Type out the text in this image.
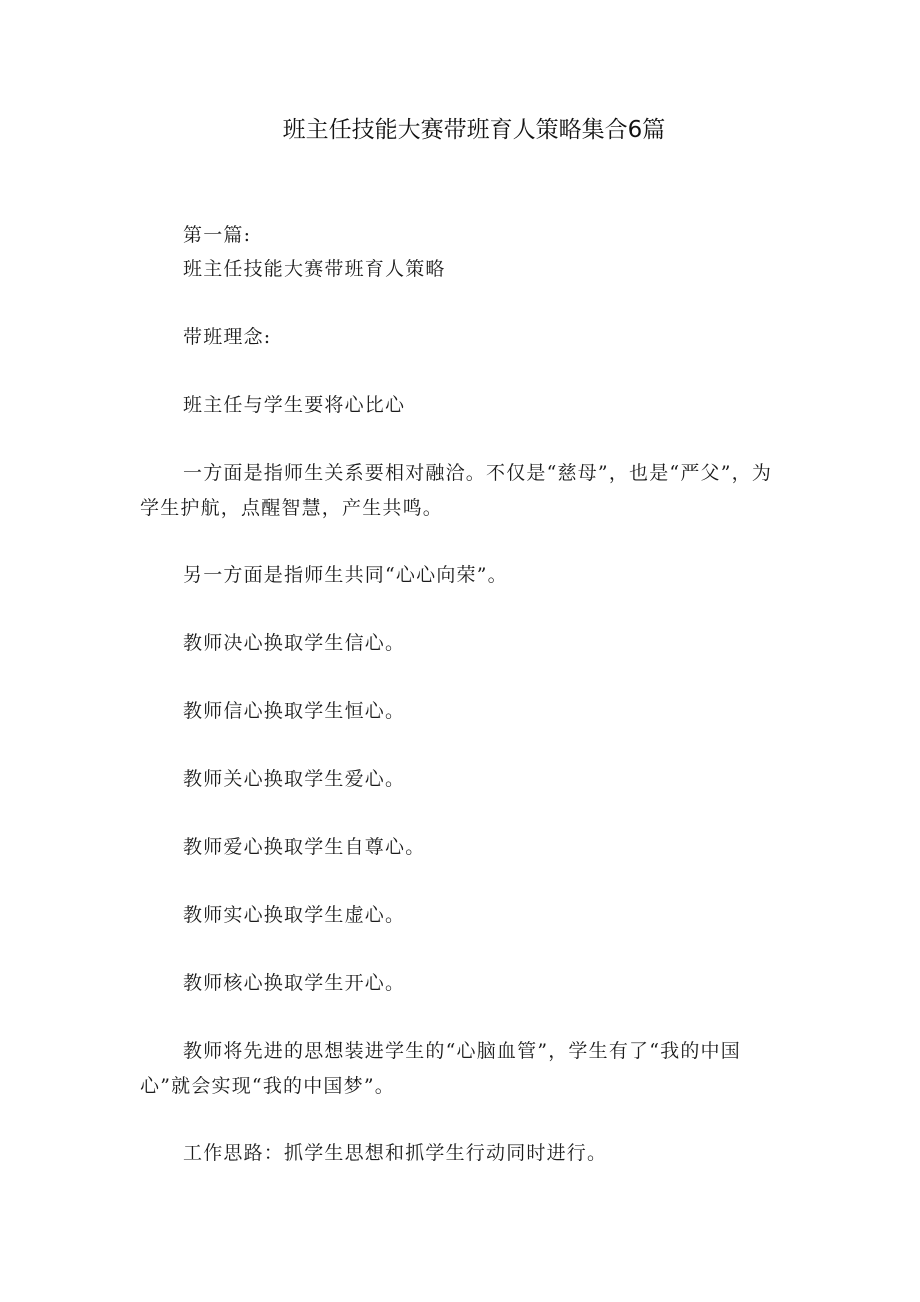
班主任技能大赛带班育人策略集合6篇

第一篇:

班主任技能大赛带班育人策略

带班理念:

班主任与学生要将心比心

一方面是指师生关系要相对融洽。不仅是“慈母”，也是“严父”，为学生护航，点醒智慧，产生共鸣。

另一方面是指师生共同“心心向荣”。

教师决心换取学生信心。

教师信心换取学生恒心。

教师关心换取学生爱心。

教师爱心换取学生自尊心。

教师实心换取学生虚心。

教师核心换取学生开心。

教师将先进的思想装进学生的“心脑血管”，学生有了“我的中国心”就会实现“我的中国梦”。

工作思路：抓学生思想和抓学生行动同时进行。
